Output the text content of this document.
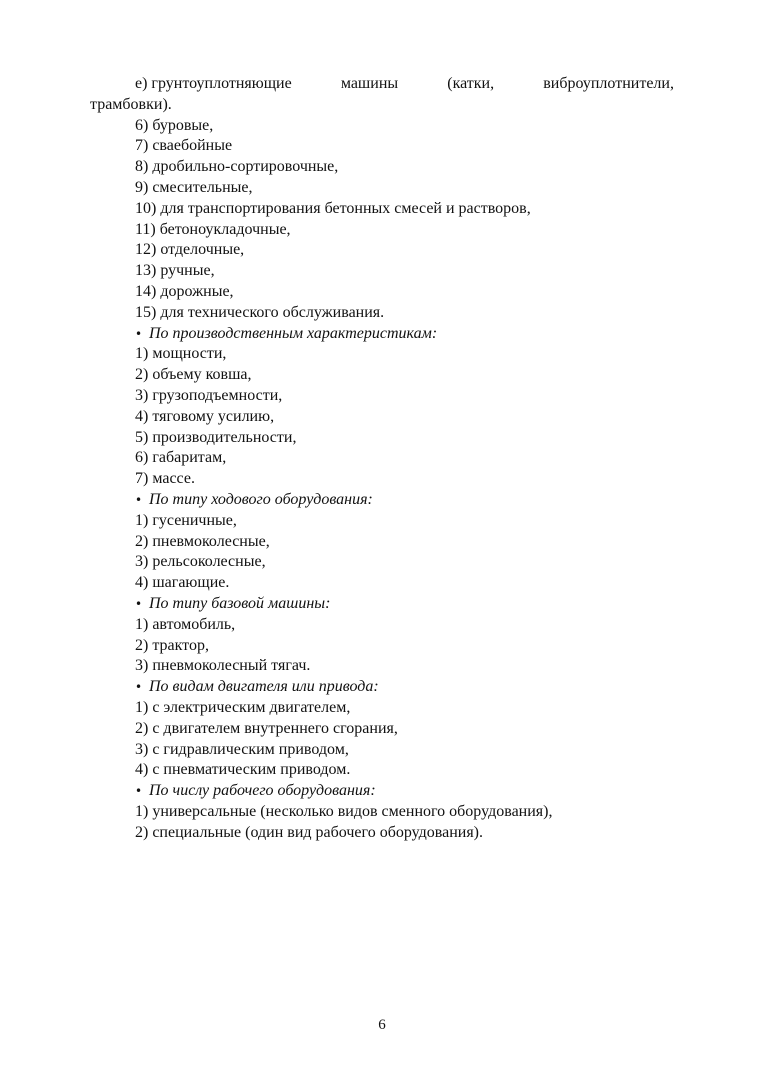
е) грунтоуплотняющие	машины	(катки,	виброуплотнители,
трамбовки).
6) буровые,
7) сваебойные
8) дробильно-сортировочные,
9) смесительные,
10) для транспортирования бетонных смесей и растворов,
11) бетоноукладочные,
12) отделочные,
13) ручные,
14) дорожные,
15) для технического обслуживания.
• По производственным характеристикам:
1) мощности,
2) объему ковша,
3) грузоподъемности,
4) тяговому усилию,
5) производительности,
6) габаритам,
7) массе.
• По типу ходового оборудования:
1) гусеничные,
2) пневмоколесные,
3) рельсоколесные,
4) шагающие.
• По типу базовой машины:
1) автомобиль,
2) трактор,
3) пневмоколесный тягач.
• По видам двигателя или привода:
1) с электрическим двигателем,
2) с двигателем внутреннего сгорания,
3) с гидравлическим приводом,
4) с пневматическим приводом.
• По числу рабочего оборудования:
1) универсальные (несколько видов сменного оборудования),
2) специальные (один вид рабочего оборудования).
6
